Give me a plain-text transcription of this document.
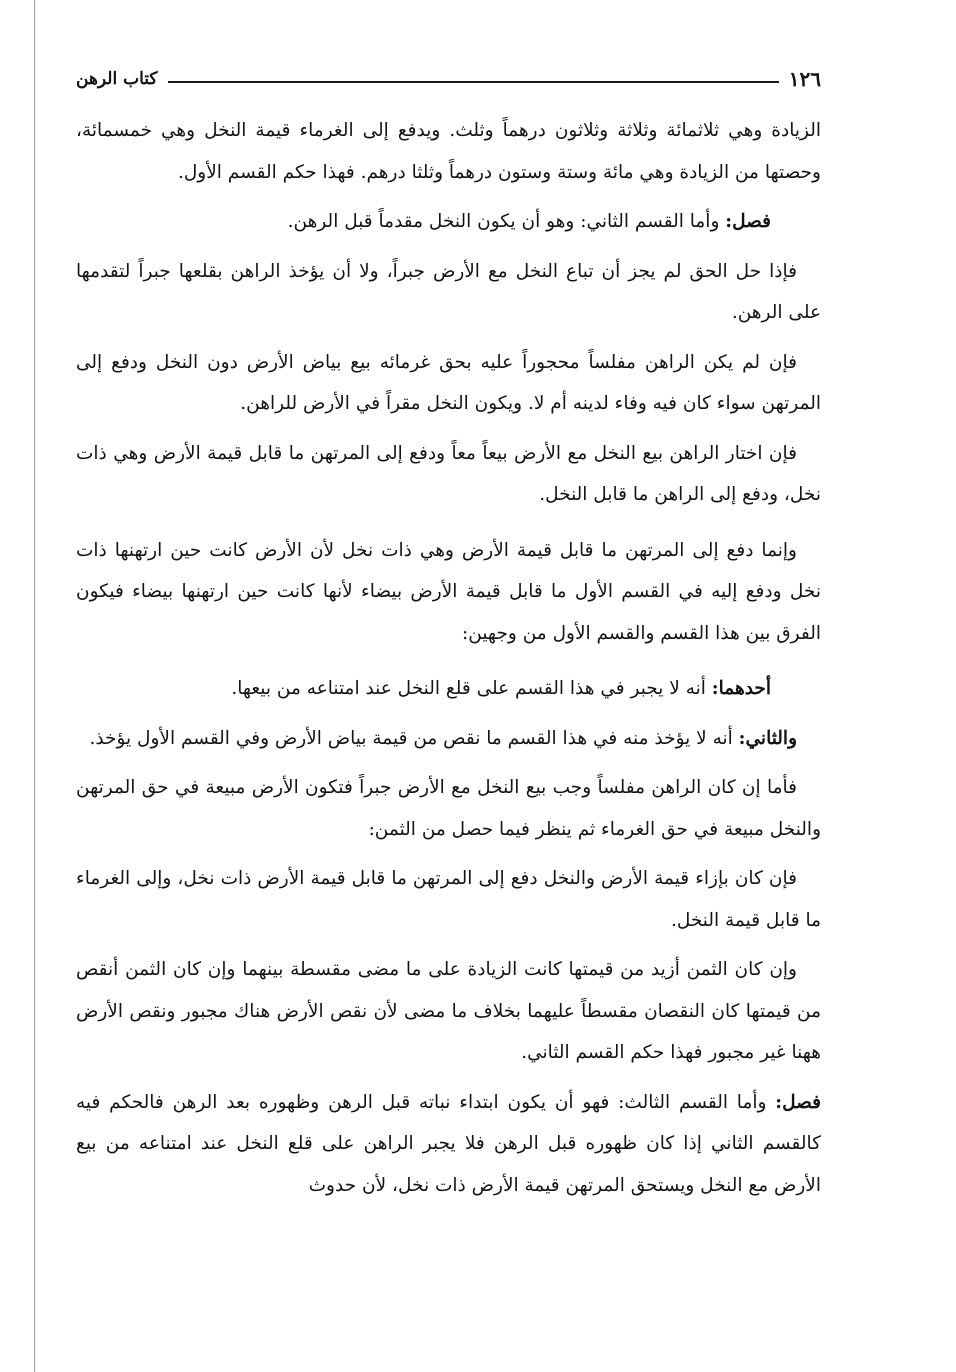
١٢٦
كتاب الرهن

الزيادة وهي ثلاثمائة وثلاثة وثلاثون درهماً وثلث. ويدفع إلى الغرماء قيمة النخل وهي خمسمائة، وحصتها من الزيادة وهي مائة وستة وستون درهماً وثلثا درهم. فهذا حكم القسم الأول.

فصل: وأما القسم الثاني: وهو أن يكون النخل مقدماً قبل الرهن.

فإذا حل الحق لم يجز أن تباع النخل مع الأرض جبراً، ولا أن يؤخذ الراهن بقلعها جبراً لتقدمها على الرهن.

فإن لم يكن الراهن مفلساً محجوراً عليه بحق غرمائه بيع بياض الأرض دون النخل ودفع إلى المرتهن سواء كان فيه وفاء لدينه أم لا. ويكون النخل مقراً في الأرض للراهن.

فإن اختار الراهن بيع النخل مع الأرض بيعاً معاً ودفع إلى المرتهن ما قابل قيمة الأرض وهي ذات نخل، ودفع إلى الراهن ما قابل النخل.

وإنما دفع إلى المرتهن ما قابل قيمة الأرض وهي ذات نخل لأن الأرض كانت حين ارتهنها ذات نخل ودفع إليه في القسم الأول ما قابل قيمة الأرض بيضاء لأنها كانت حين ارتهنها بيضاء فيكون الفرق بين هذا القسم والقسم الأول من وجهين:

أحدهما: أنه لا يجبر في هذا القسم على قلع النخل عند امتناعه من بيعها.

والثاني: أنه لا يؤخذ منه في هذا القسم ما نقص من قيمة بياض الأرض وفي القسم الأول يؤخذ.

فأما إن كان الراهن مفلساً وجب بيع النخل مع الأرض جبراً فتكون الأرض مبيعة في حق المرتهن والنخل مبيعة في حق الغرماء ثم ينظر فيما حصل من الثمن:

فإن كان بإزاء قيمة الأرض والنخل دفع إلى المرتهن ما قابل قيمة الأرض ذات نخل، وإلى الغرماء ما قابل قيمة النخل.

وإن كان الثمن أزيد من قيمتها كانت الزيادة على ما مضى مقسطة بينهما وإن كان الثمن أنقص من قيمتها كان النقصان مقسطاً عليهما بخلاف ما مضى لأن نقص الأرض هناك مجبور ونقص الأرض ههنا غير مجبور فهذا حكم القسم الثاني.

فصل: وأما القسم الثالث: فهو أن يكون ابتداء نباته قبل الرهن وظهوره بعد الرهن فالحكم فيه كالقسم الثاني إذا كان ظهوره قبل الرهن فلا يجبر الراهن على قلع النخل عند امتناعه من بيع الأرض مع النخل ويستحق المرتهن قيمة الأرض ذات نخل، لأن حدوث
